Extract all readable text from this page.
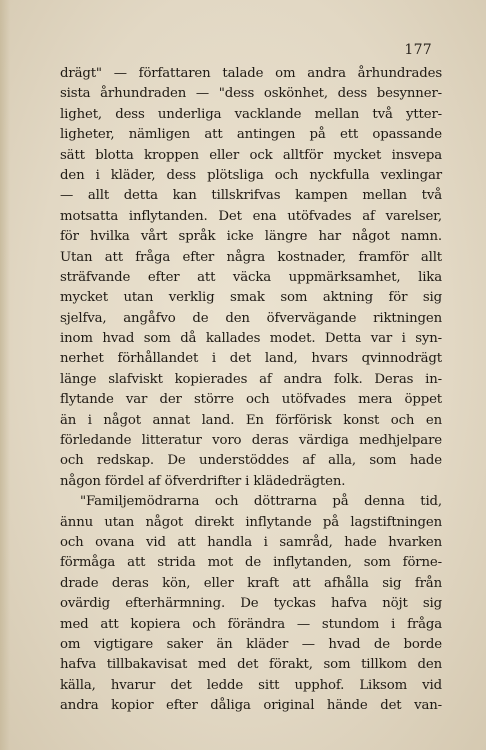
177
drägt" — författaren talade om andra århundrades
sista århundraden — "dess oskönhet, dess besynner-
lighet, dess underliga vacklande mellan två ytter-
ligheter, nämligen att antingen på ett opassande
sätt blotta kroppen eller ock alltför mycket insvepa
den i kläder, dess plötsliga och nyckfulla vexlingar
— allt detta kan tillskrifvas kampen mellan två
motsatta inflytanden. Det ena utöfvades af varelser,
för hvilka vårt språk icke längre har något namn.
Utan att fråga efter några kostnader, framför allt
sträfvande efter att väcka uppmärksamhet, lika
mycket utan verklig smak som aktning för sig
sjelfva, angåfvo de den öfvervägande riktningen
inom hvad som då kallades modet. Detta var i syn-
nerhet förhållandet i det land, hvars qvinnodrägt
länge slafviskt kopierades af andra folk. Deras in-
flytande var der större och utöfvades mera öppet
än i något annat land. En förförisk konst och en
förledande litteratur voro deras värdiga medhjelpare
och redskap. De understöddes af alla, som hade
någon fördel af öfverdrifter i klädedrägten.
"Familjemödrarna och döttrarna på denna tid,
ännu utan något direkt inflytande på lagstiftningen
och ovana vid att handla i samråd, hade hvarken
förmåga att strida mot de inflytanden, som förne-
drade deras kön, eller kraft att afhålla sig från
ovärdig efterhärmning. De tyckas hafva nöjt sig
med att kopiera och förändra — stundom i fråga
om vigtigare saker än kläder — hvad de borde
hafva tillbakavisat med det förakt, som tillkom den
källa, hvarur det ledde sitt upphof. Liksom vid
andra kopior efter dåliga original hände det van-
